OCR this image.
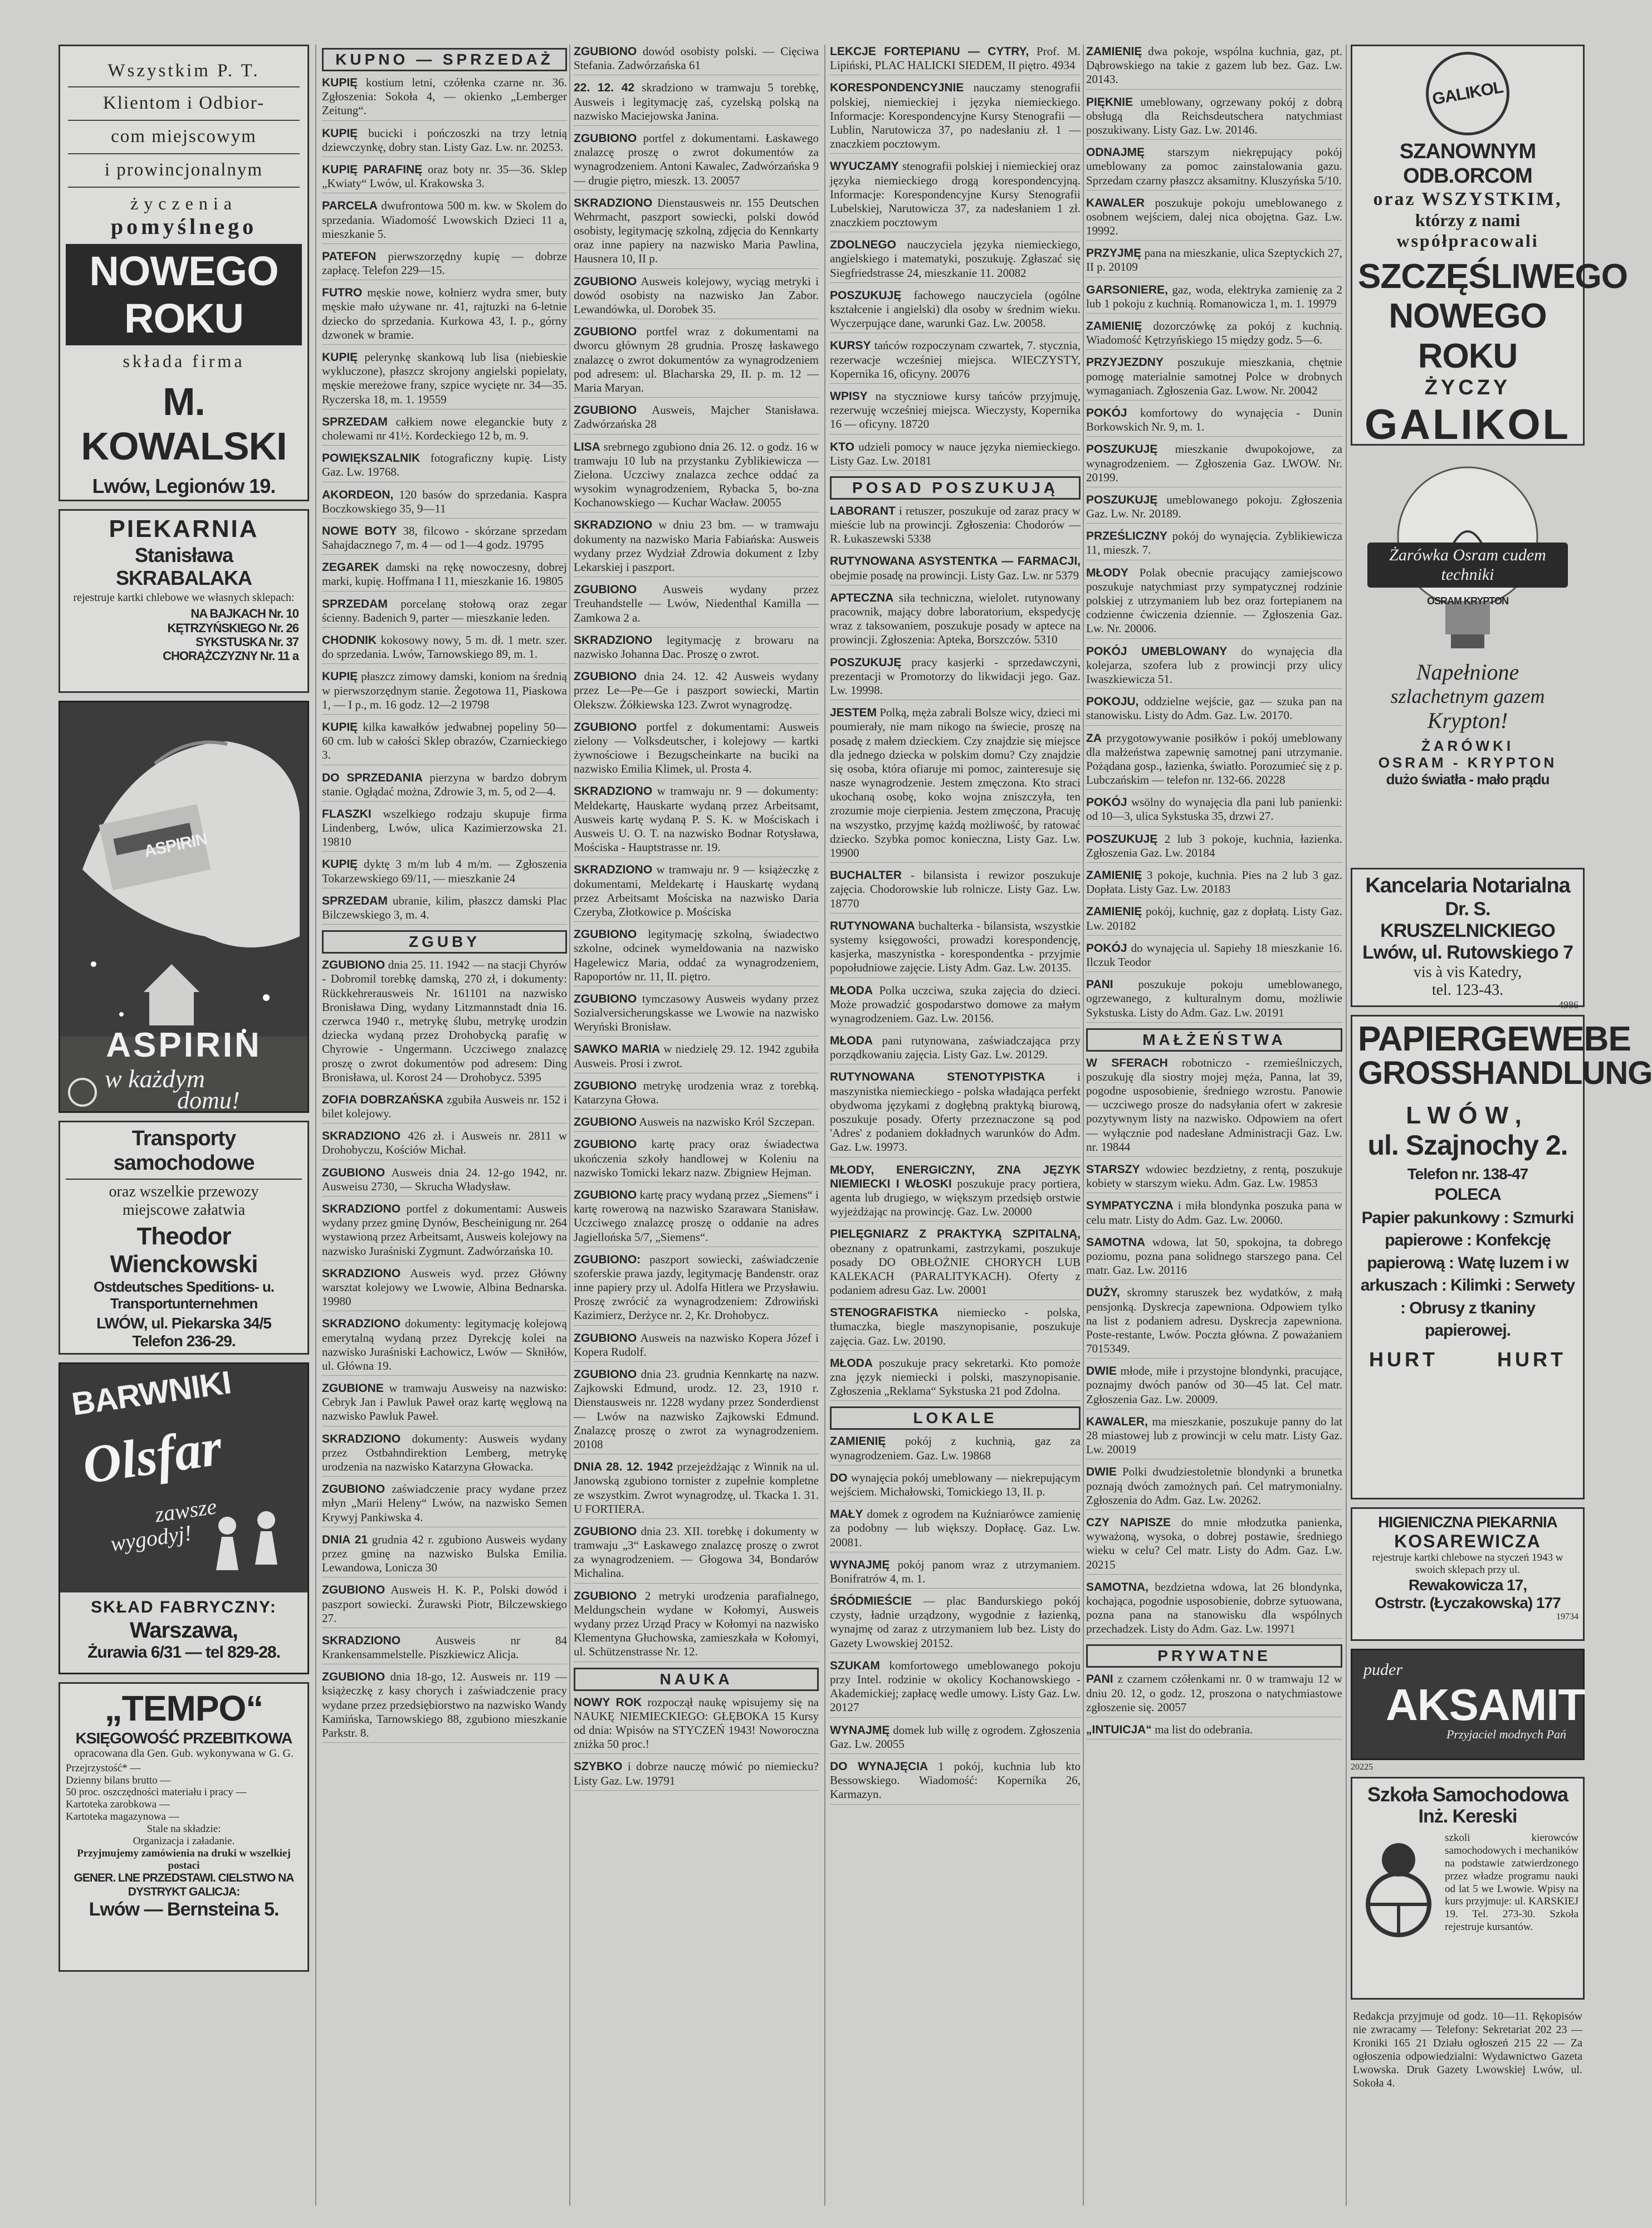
Wszystkim P. T.
Klientom i Odbior-
com miejscowym
i prowincjonalnym
życzenia
pomyślnego
NOWEGO ROKU
składa firma
M. KOWALSKI
Lwów, Legionów 19.
PIEKARNIA
Stanisława SKRABALAKA
rejestruje kartki chlebowe we własnych sklepach:
NA BAJKACH Nr. 10
KĘTRZYŃSKIEGO Nr. 26
SYKSTUSKA Nr. 37
CHORĄŻCZYZNY Nr. 11 a
ASPIRIN
ASPIRIN
w każdym
domu!
Transporty samochodowe
oraz wszelkie przewozy
miejscowe załatwia
Theodor Wienckowski
Ostdeutsches Speditions- u.
Transportunternehmen
LWÓW, ul. Piekarska 34/5
Telefon 236-29.
BARWNIKI
Olsfar
zawsze
wygodyj!
SKŁAD FABRYCZNY:
Warszawa,
Żurawia 6/31 — tel 829-28.
„TEMPO“
KSIĘGOWOŚĆ PRZEBITKOWA
opracowana dla Gen. Gub. wykonywana w G. G.
Przejrzystość* —
Dzienny bilans brutto —
50 proc. oszczędności materiału i pracy —
Kartoteka zarobkowa —
Kartoteka magazynowa —
Stale na składzie:
Organizacja i załadanie.
Przyjmujemy zamówienia na druki w wszelkiej postaci
GENER. LNE PRZEDSTAWI. CIELSTWO NA DYSTRYKT GALICJA:
Lwów — Bernsteina 5.
KUPNO — SPRZEDAŻ
KUPIĘ kostium letni, czółenka czarne nr. 36. Zgłoszenia: Sokoła 4, — okienko „Lemberger Zeitung“.
KUPIĘ bucicki i pończoszki na trzy letnią dziewczynkę, dobry stan. Listy Gaz. Lw. nr. 20253.
KUPIĘ PARAFINĘ oraz boty nr. 35—36. Sklep „Kwiaty“ Lwów, ul. Krakowska 3.
PARCELA dwufrontowa 500 m. kw. w Skolem do sprzedania. Wiadomość Lwowskich Dzieci 11 a, mieszkanie 5.
PATEFON pierwszorzędny kupię — dobrze zapłacę. Telefon 229—15.
FUTRO męskie nowe, kołnierz wydra smer, buty męskie mało używane nr. 41, rajtuzki na 6-letnie dziecko do sprzedania. Kurkowa 43, I. p., górny dzwonek w bramie.
KUPIĘ pelerynkę skankową lub lisa (niebieskie wykluczone), płaszcz skrojony angielski popielaty, męskie mereżowe frany, szpice wycięte nr. 34—35. Ryczerska 18, m. 1. 19559
SPRZEDAM całkiem nowe eleganckie buty z cholewami nr 41½. Kordeckiego 12 b, m. 9.
POWIĘKSZALNIK fotograficzny kupię. Listy Gaz. Lw. 19768.
AKORDEON, 120 basów do sprzedania. Kaspra Boczkowskiego 35, 9—11
NOWE BOTY 38, filcowo - skórzane sprzedam Sahajdacznego 7, m. 4 — od 1—4 godz. 19795
ZEGAREK damski na rękę nowoczesny, dobrej marki, kupię. Hoffmana I 11, mieszkanie 16. 19805
SPRZEDAM porcelanę stołową oraz zegar ścienny. Badenich 9, parter — mieszkanie leden.
CHODNIK kokosowy nowy, 5 m. dł. 1 metr. szer. do sprzedania. Lwów, Tarnowskiego 89, m. 1.
KUPIĘ płaszcz zimowy damski, koniom na średnią w pierwszorzędnym stanie. Żegotowa 11, Piaskowa 1, — I p., m. 16 godz. 12—2 19798
KUPIĘ kilka kawałków jedwabnej popeliny 50—60 cm. lub w całości Sklep obrazów, Czarnieckiego 3.
DO SPRZEDANIA pierzyna w bardzo dobrym stanie. Ogłądać można, Zdrowie 3, m. 5, od 2—4.
FLASZKI wszelkiego rodzaju skupuje firma Lindenberg, Lwów, ulica Kazimierzowska 21. 19810
KUPIĘ dyktę 3 m/m lub 4 m/m. — Zgłoszenia Tokarzewskiego 69/11, — mieszkanie 24
SPRZEDAM ubranie, kilim, płaszcz damski Plac Bilczewskiego 3, m. 4.
ZGUBY
ZGUBIONO dnia 25. 11. 1942 — na stacji Chyrów - Dobromil torebkę damską, 270 zł, i dokumenty: Rückkehrerausweis Nr. 161101 na nazwisko Bronisława Ding, wydany Litzmannstadt dnia 16. czerwca 1940 r., metrykę ślubu, metrykę urodzin dziecka wydaną przez Drohobycką parafię w Chyrowie - Ungermann. Uczciwego znalazcę proszę o zwrot dokumentów pod adresem: Ding Bronisława, ul. Korost 24 — Drohobycz. 5395
ZOFIA DOBRZAŃSKA zgubiła Ausweis nr. 152 i bilet kolejowy.
SKRADZIONO 426 zł. i Ausweis nr. 2811 w Drohobyczu, Kościów Michał.
ZGUBIONO Ausweis dnia 24. 12-go 1942, nr. Ausweisu 2730, — Skrucha Władysław.
SKRADZIONO portfel z dokumentami: Ausweis wydany przez gminę Dynów, Bescheinigung nr. 264 wystawioną przez Arbeitsamt, Ausweis kolejowy na nazwisko Juraśniski Zygmunt. Zadwórzańska 10.
SKRADZIONO Ausweis wyd. przez Główny warsztat kolejowy we Lwowie, Albina Bednarska. 19980
SKRADZIONO dokumenty: legitymację kolejową emerytalną wydaną przez Dyrekcję kolei na nazwisko Juraśniski Łachowicz, Lwów — Skniłów, ul. Główna 19.
ZGUBIONE w tramwaju Ausweisy na nazwisko: Cebryk Jan i Pawluk Paweł oraz kartę węglową na nazwisko Pawluk Paweł.
SKRADZIONO dokumenty: Ausweis wydany przez Ostbahndirektion Lemberg, metrykę urodzenia na nazwisko Katarzyna Głowacka.
ZGUBIONO zaświadczenie pracy wydane przez młyn „Marii Heleny“ Lwów, na nazwisko Semen Krywyj Pankiwska 4.
DNIA 21 grudnia 42 r. zgubiono Ausweis wydany przez gminę na nazwisko Bulska Emilia. Lewandowa, Lonicza 30
ZGUBIONO Ausweis H. K. P., Polski dowód i paszport sowiecki. Żurawski Piotr, Bilczewskiego 27.
SKRADZIONO	Ausweis nr 84 Krankensammelstelle. Piszkiewicz Alicja.
ZGUBIONO dnia 18-go, 12. Ausweis nr. 119 — książeczkę z kasy chorych i zaświadczenie pracy wydane przez przedsiębiorstwo na nazwisko Wandy Kamińska, Tarnowskiego 88, zgubiono mieszkanie Parkstr. 8.
ZGUBIONO dowód osobisty polski. — Cięciwa Stefania. Zadwórzańska 61
22. 12. 42 skradziono w tramwaju 5 torebkę, Ausweis i legitymację zaś, cyzelską polską na nazwisko Maciejowska Janina.
ZGUBIONO portfel z dokumentami. Łaskawego znalazcę proszę o zwrot dokumentów za wynagrodzeniem. Antoni Kawalec, Zadwórzańska 9 — drugie piętro, mieszk. 13. 20057
SKRADZIONO Dienstausweis nr. 155 Deutschen Wehrmacht, paszport sowiecki, polski dowód osobisty, legitymację szkolną, zdjęcia do Kennkarty oraz inne papiery na nazwisko Maria Pawlina, Hausnera 10, II p.
ZGUBIONO Ausweis kolejowy, wyciąg metryki i dowód osobisty na nazwisko Jan Zabor. Lewandówka, ul. Dorobek 35.
ZGUBIONO portfel wraz z dokumentami na dworcu głównym 28 grudnia. Proszę łaskawego znalazcę o zwrot dokumentów za wynagrodzeniem pod adresem: ul. Blacharska 29, II. p. m. 12 — Maria Maryan.
ZGUBIONO Ausweis, Majcher Stanisława. Zadwórzańska 28
LISA srebrnego zgubiono dnia 26. 12. o godz. 16 w tramwaju 10 lub na przystanku Zyblikiewicza — Zielona. Uczciwy znalazca zechce oddać za wysokim wynagrodzeniem, Rybacka 5, bo-zna Kochanowskiego — Kuchar Wacław. 20055
SKRADZIONO w dniu 23 bm. — w tramwaju dokumenty na nazwisko Maria Fabiańska: Ausweis wydany przez Wydział Zdrowia dokument z Izby Lekarskiej i paszport.
ZGUBIONO Ausweis wydany przez Treuhandstelle — Lwów, Niedenthal Kamilla — Zamkowa 2 a.
SKRADZIONO legitymację z browaru na nazwisko Johanna Dac. Proszę o zwrot.
ZGUBIONO dnia 24. 12. 42 Ausweis wydany przez Le—Pe—Ge i paszport sowiecki, Martin Olekszw. Żółkiewska 123. Zwrot wynagrodzę.
ZGUBIONO portfel z dokumentami: Ausweis zielony — Volksdeutscher, i kolejowy — kartki żywnościowe i Bezugscheinkarte na buciki na nazwisko Emilia Klimek, ul. Prosta 4.
SKRADZIONO w tramwaju nr. 9 — dokumenty: Meldekartę, Hauskarte wydaną przez Arbeitsamt, Ausweis kartę wydaną P. S. K. w Mościskach i Ausweis U. O. T. na nazwisko Bodnar Rotysława, Mościska - Hauptstrasse nr. 19.
SKRADZIONO w tramwaju nr. 9 — książeczkę z dokumentami, Meldekartę i Hauskartę wydaną przez Arbeitsamt Mościska na nazwisko Daria Czeryba, Złotkowice p. Mościska
ZGUBIONO legitymację szkolną, świadectwo szkolne, odcinek wymeldowania na nazwisko Hagelewicz Maria, oddać za wynagrodzeniem, Rapoportów nr. 11, II. piętro.
ZGUBIONO tymczasowy Ausweis wydany przez Sozialversicherungskasse we Lwowie na nazwisko Weryński Bronisław.
SAWKO MARIA w niedzielę 29. 12. 1942 zgubiła Ausweis. Prosi i zwrot.
ZGUBIONO metrykę urodzenia wraz z torebką. Katarzyna Głowa.
ZGUBIONO Ausweis na nazwisko Król Szczepan.
ZGUBIONO kartę pracy oraz świadectwa ukończenia szkoły handlowej w Koleniu na nazwisko Tomicki lekarz nazw. Zbigniew Hejman.
ZGUBIONO kartę pracy wydaną przez „Siemens“ i kartę rowerową na nazwisko Szarawara Stanisław. Uczciwego znalazcę proszę o oddanie na adres Jagiellońska 5/7, „Siemens“.
ZGUBIONO: paszport sowiecki, zaświadczenie szoferskie prawa jazdy, legitymację Bandenstr. oraz inne papiery przy ul. Adolfa Hitlera we Przysławiu. Proszę zwrócić za wynagrodzeniem: Zdrowiński Kazimierz, Derżyce nr. 2, Kr. Drohobycz.
ZGUBIONO Ausweis na nazwisko Kopera Józef i Kopera Rudolf.
ZGUBIONO dnia 23. grudnia Kennkartę na nazw. Zajkowski Edmund, urodz. 12. 23, 1910 r. Dienstausweis nr. 1228 wydany przez Sonderdienst — Lwów na nazwisko Zajkowski Edmund. Znalazcę proszę o zwrot za wynagrodzeniem. 20108
DNIA 28. 12. 1942 przejeżdżając z Winnik na ul. Janowską zgubiono tornister z zupełnie kompletne ze wszystkim. Zwrot wynagrodzę, ul. Tkacka 1. 31. U FORTIERA.
ZGUBIONO dnia 23. XII. torebkę i dokumenty w tramwaju „3“ Łaskawego znalazcę proszę o zwrot za wynagrodzeniem. — Głogowa 34, Bondarów Michalina.
ZGUBIONO 2 metryki urodzenia parafialnego, Meldungschein wydane w Kołomyi, Ausweis wydany przez Urząd Pracy w Kołomyi na nazwisko Klementyna Głuchowska, zamieszkała w Kołomyi, ul. Schützenstrasse Nr. 12.
NAUKA
NOWY ROK rozpoczął naukę wpisujemy się na NAUKĘ NIEMIECKIEGO: GŁĘBOKA 15 Kursy od dnia: Wpisów na STYCZEŃ 1943! Noworoczna zniżka 50 proc.!
SZYBKO i dobrze nauczę mówić po niemiecku? Listy Gaz. Lw. 19791
LEKCJE FORTEPIANU — CYTRY, Prof. M. Lipiński, PLAC HALICKI SIEDEM, II piętro. 4934
KORESPONDENCYJNIE nauczamy stenografii polskiej, niemieckiej i języka niemieckiego. Informacje: Korespondencyjne Kursy Stenografii — Lublin, Narutowicza 37, po nadesłaniu zł. 1 — znaczkiem pocztowym.
WYUCZAMY stenografii polskiej i niemieckiej oraz języka niemieckiego drogą korespondencyjną. Informacje: Korespondencyjne Kursy Stenografii Lubelskiej, Narutowicza 37, za nadesłaniem 1 zł. znaczkiem pocztowym
ZDOLNEGO nauczyciela języka niemieckiego, angielskiego i matematyki, poszukuję. Zgłaszać się Siegfriedstrasse 24, mieszkanie 11. 20082
POSZUKUJĘ fachowego nauczyciela (ogólne kształcenie i angielski) dla osoby w średnim wieku. Wyczerpujące dane, warunki Gaz. Lw. 20058.
KURSY tańców rozpoczynam czwartek, 7. stycznia, rezerwacje wcześniej miejsca. WIECZYSTY, Kopernika 16, oficyny. 20076
WPISY na styczniowe kursy tańców przyjmuję, rezerwuję wcześniej miejsca. Wieczysty, Kopernika 16 — oficyny. 18720
KTO udzieli pomocy w nauce języka niemieckiego. Listy Gaz. Lw. 20181
POSAD POSZUKUJĄ
LABORANT i retuszer, poszukuje od zaraz pracy w mieście lub na prowincji. Zgłoszenia: Chodorów — R. Łukaszewski 5338
RUTYNOWANA ASYSTENTKA — FARMACJI, obejmie posadę na prowincji. Listy Gaz. Lw. nr 5379
APTECZNA siła techniczna, wielolet. rutynowany pracownik, mający dobre laboratorium, ekspedycję wraz z taksowaniem, poszukuje posady w aptece na prowincji. Zgłoszenia: Apteka, Borszczów. 5310
POSZUKUJĘ pracy kasjerki - sprzedawczyni, prezentacji w Promotorzy do likwidacji jego. Gaz. Lw. 19998.
JESTEM Polką, męża zabrali Bolsze wicy, dzieci mi poumierały, nie mam nikogo na świecie, proszę na posadę z małem dzieckiem. Czy znajdzie się miejsce dla jednego dziecka w polskim domu? Czy znajdzie się osoba, która ofiaruje mi pomoc, zainteresuje się nasze wynagrodzenie. Jestem zmęczona. Kto straci ukochaną osobę, koko wojna zniszczyła, ten zrozumie moje cierpienia. Jestem zmęczona, Pracuję na wszystko, przyjmę każdą możliwość, by ratować dziecko. Szybka pomoc konieczna, Listy Gaz. Lw. 19900
BUCHALTER - bilansista i rewizor poszukuje zajęcia. Chodorowskie lub rolnicze. Listy Gaz. Lw. 18770
RUTYNOWANA buchalterka - bilansista, wszystkie systemy księgowości, prowadzi korespondencję, kasjerka, maszynistka - korespondentka - przyjmie popołudniowe zajęcie. Listy Adm. Gaz. Lw. 20135.
MŁODA Polka uczciwa, szuka zajęcia do dzieci. Może prowadzić gospodarstwo domowe za małym wynagrodzeniem. Gaz. Lw. 20156.
MŁODA pani rutynowana, zaświadczająca przy porządkowaniu zajęcia. Listy Gaz. Lw. 20129.
RUTYNOWANA STENOTYPISTKA	i maszynistka niemieckiego - polska władająca perfekt obydwoma językami z dogłębną praktyką biurową, poszukuje posady. Oferty przeznaczone są pod 'Adres' z podaniem dokładnych warunków do Adm. Gaz. Lw. 19973.
MŁODY, ENERGICZNY, ZNA JĘZYK NIEMIECKI I WŁOSKI poszukuje pracy portiera, agenta lub drugiego, w większym przedsięb orstwie wyjeżdżając na prowincję. Gaz. Lw. 20000
PIELĘGNIARZ Z PRAKTYKĄ SZPITALNĄ, obeznany z opatrunkami, zastrzykami, poszukuje posady DO OBŁOŻNIE CHORYCH LUB KALEKACH (PARALITYKACH). Oferty z podaniem adresu Gaz. Lw. 20001
STENOGRAFISTKA niemiecko - polska, tłumaczka, biegle maszynopisanie, poszukuje zajęcia. Gaz. Lw. 20190.
MŁODA poszukuje pracy sekretarki. Kto pomoże zna język niemiecki i polski, maszynopisanie. Zgłoszenia „Reklama“ Sykstuska 21 pod Zdolna.
LOKALE
ZAMIENIĘ pokój z kuchnią, gaz za wynagrodzeniem. Gaz. Lw. 19868
DO wynajęcia pokój umeblowany — niekrepującym wejściem. Michałowski, Tomickiego 13, II. p.
MAŁY domek z ogrodem na Kuźniarówce zamienię za podobny — lub większy. Dopłacę. Gaz. Lw. 20081.
WYNAJMĘ pokój panom wraz z utrzymaniem. Bonifratrów 4, m. 1.
ŚRÓDMIEŚCIE — plac Bandurskiego pokój czysty, ładnie urządzony, wygodnie z łazienką, wynajmę od zaraz z utrzymaniem lub bez. Listy do Gazety Lwowskiej 20152.
SZUKAM komfortowego umeblowanego pokoju przy Intel. rodzinie w okolicy Kochanowskiego - Akademickiej; zapłacę wedle umowy. Listy Gaz. Lw. 20127
WYNAJMĘ domek lub willę z ogrodem. Zgłoszenia Gaz. Lw. 20055
DO WYNAJĘCIA 1 pokój, kuchnia lub kto Bessowskiego. Wiadomość: Kopernika 26, Karmazyn.
ZAMIENIĘ dwa pokoje, wspólna kuchnia, gaz, pt. Dąbrowskiego na takie z gazem lub bez. Gaz. Lw. 20143.
PIĘKNIE umeblowany, ogrzewany pokój z dobrą obsługą dla Reichsdeutschera natychmiast poszukiwany. Listy Gaz. Lw. 20146.
ODNAJMĘ starszym niekrępujący pokój umeblowany za pomoc zainstalowania gazu. Sprzedam czarny płaszcz aksamitny. Kluszyńska 5/10.
KAWALER poszukuje pokoju umeblowanego z osobnem wejściem, dalej nica obojętna. Gaz. Lw. 19992.
PRZYJMĘ pana na mieszkanie, ulica Szeptyckich 27, II p. 20109
GARSONIERE, gaz, woda, elektryka zamienię za 2 lub 1 pokoju z kuchnią. Romanowicza 1, m. 1. 19979
ZAMIENIĘ dozorczówkę za pokój z kuchnią. Wiadomość Kętrzyńskiego 15 między godz. 5—6.
PRZYJEZDNY poszukuje mieszkania, chętnie pomogę materialnie samotnej Polce w drobnych wymaganiach. Zgłoszenia Gaz. Lwow. Nr. 20042
POKÓJ komfortowy do wynajęcia - Dunin Borkowskich Nr. 9, m. 1.
POSZUKUJĘ mieszkanie dwupokojowe, za wynagrodzeniem. — Zgłoszenia Gaz. LWOW. Nr. 20199.
POSZUKUJĘ umeblowanego pokoju. Zgłoszenia Gaz. Lw. Nr. 20189.
PRZEŚLICZNY pokój do wynajęcia. Zyblikiewicza 11, mieszk. 7.
MŁODY Polak obecnie pracujący zamiejscowo poszukuje natychmiast przy sympatycznej rodzinie polskiej z utrzymaniem lub bez oraz fortepianem na codzienne ćwiczenia dziennie. — Zgłoszenia Gaz. Lw. Nr. 20006.
POKÓJ UMEBLOWANY do wynajęcia dla kolejarza, szofera lub z prowincji przy ulicy Iwaszkiewicza 51.
POKOJU, oddzielne wejście, gaz — szuka pan na stanowisku. Listy do Adm. Gaz. Lw. 20170.
ZA przygotowywanie posiłków i pokój umeblowany dla małżeństwa zapewnię samotnej pani utrzymanie. Pożądana gosp., łazienka, światło. Porozumieć się z p. Lubczańskim — telefon nr. 132-66. 20228
POKÓJ wsölny do wynajęcia dla pani lub panienki: od 10—3, ulica Sykstuska 35, drzwi 27.
POSZUKUJĘ 2 lub 3 pokoje, kuchnia, łazienka. Zgłoszenia Gaz. Lw. 20184
ZAMIENIĘ 3 pokoje, kuchnia. Pies na 2 lub 3 gaz. Dopłata. Listy Gaz. Lw. 20183
ZAMIENIĘ pokój, kuchnię, gaz z dopłatą. Listy Gaz. Lw. 20182
POKÓJ do wynajęcia ul. Sapiehy 18 mieszkanie 16. Ilczuk Teodor
PANI poszukuje pokoju umeblowanego, ogrzewanego, z kulturalnym domu, możliwie Sykstuska. Listy do Adm. Gaz. Lw. 20191
MAŁŻEŃSTWA
W SFERACH robotniczo - rzemieślniczych, poszukuję dla siostry mojej męża, Panna, lat 39, pogodne usposobienie, średniego wzrostu. Panowie — uczciwego prosze do nadsyłania ofert w zakresie pozytywnym listy na nazwisko. Odpowiem na ofert — wyłącznie pod nadesłane Administracji Gaz. Lw. nr. 19844
STARSZY wdowiec bezdzietny, z rentą, poszukuje kobiety w starszym wieku. Adm. Gaz. Lw. 19853
SYMPATYCZNA i miła blondynka poszuka pana w celu matr. Listy do Adm. Gaz. Lw. 20060.
SAMOTNA wdowa, lat 50, spokojna, ta dobrego poziomu, pozna pana solidnego starszego pana. Cel matr. Gaz. Lw. 20116
DUŻY, skromny staruszek bez wydatków, z małą pensjonką. Dyskrecja zapewniona. Odpowiem tylko na list z podaniem adresu. Dyskrecja zapewniona. Poste-restante, Lwów. Poczta główna. Z poważaniem 7015349.
DWIE młode, miłe i przystojne blondynki, pracujące, poznajmy dwóch panów od 30—45 lat. Cel matr. Zgłoszenia Gaz. Lw. 20009.
KAWALER, ma mieszkanie, poszukuje panny do lat 28 miastowej lub z prowincji w celu matr. Listy Gaz. Lw. 20019
DWIE Polki dwudziestoletnie blondynki a brunetka poznają dwóch zamożnych pań. Cel matrymonialny. Zgłoszenia do Adm. Gaz. Lw. 20262.
CZY NAPISZE do mnie młodzutka panienka, wyważoną, wysoka, o dobrej postawie, średniego wieku w celu? Cel matr. Listy do Adm. Gaz. Lw. 20215
SAMOTNA, bezdzietna wdowa, lat 26 blondynka, kochająca, pogodnie usposobienie, dobrze sytuowana, pozna pana na stanowisku dla wspólnych przechadzek. Listy do Adm. Gaz. Lw. 19971
PRYWATNE
PANI z czarnem czółenkami nr. 0 w tramwaju 12 w dniu 20. 12, o godz. 12, proszona o natychmiastowe zgłoszenie się. 20057
„INTUICJA“ ma list do odebrania.
GALIKOL
SZANOWNYM ODB.ORCOM
oraz WSZYSTKIM,
którzy z nami
współpracowali
SZCZĘŚLIWEGO
NOWEGO ROKU
ŻYCZY
GALIKOL
Żarówka Osram cudem techniki
OSRAM KRYPTON
Napełnione
szlachetnym gazem
Krypton!
ŻARÓWKI
OSRAM - KRYPTON
dużo światła - mało prądu
Kancelaria Notarialna
Dr. S. KRUSZELNICKIEGO
Lwów, ul. Rutowskiego 7
vis à vis Katedry,
tel. 123-43.
4986
PAPIERGEWEBE
GROSSHANDLUNG
LWÓW,
ul. Szajnochy 2.
Telefon nr. 138-47
POLECA
Papier pakunkowy : Szmurki papierowe : Konfekcję papierową : Watę luzem i w arkuszach : Kilimki : Serwety : Obrusy z tkaniny papierowej.
HURT	HURT
HIGIENICZNA PIEKARNIA
KOSAREWICZA
rejestruje kartki chlebowe na styczeń 1943 w swoich sklepach przy ul.
Rewakowicza 17,
Ostrstr. (Łyczakowska) 177
19734
puder
AKSAMIT
Przyjaciel modnych Pań
20225
Szkoła Samochodowa
Inż. Kereski
szkoli kierowców samochodowych i mechaników na podstawie zatwierdzonego przez władze programu nauki od lat 5 we Lwowie. Wpisy na kurs przyjmuje: ul. KARSKIEJ 19. Tel. 273-30. Szkoła rejestruje kursantów.
Redakcja przyjmuje od godz. 10—11. Rękopisów nie zwracamy — Telefony: Sekretariat 202 23 — Kroniki 165 21 Działu ogłoszeń 215 22 — Za ogłoszenia odpowiedzialni: Wydawnictwo Gazeta Lwowska. Druk Gazety Lwowskiej Lwów, ul. Sokoła 4.
